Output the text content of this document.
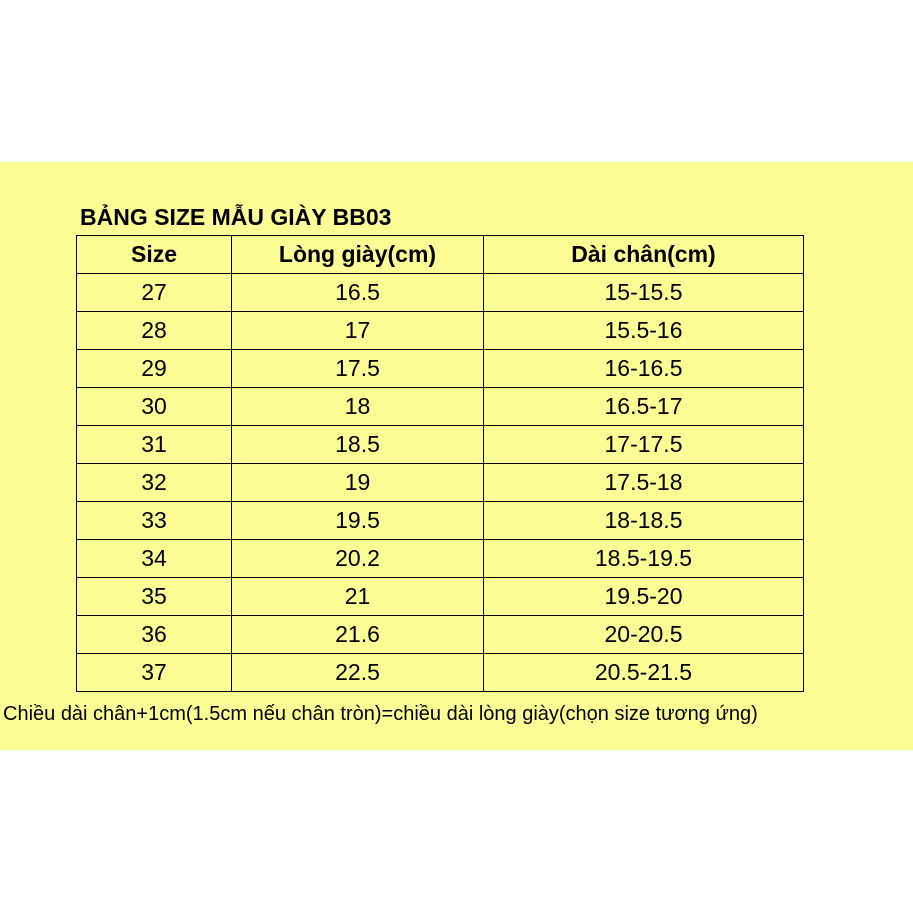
BẢNG SIZE MẪU GIÀY BB03
Size	Lòng giày(cm)	Dài chân(cm)
27	16.5	15-15.5
28	17	15.5-16
29	17.5	16-16.5
30	18	16.5-17
31	18.5	17-17.5
32	19	17.5-18
33	19.5	18-18.5
34	20.2	18.5-19.5
35	21	19.5-20
36	21.6	20-20.5
37	22.5	20.5-21.5
Chiều dài chân+1cm(1.5cm nếu chân tròn)=chiều dài lòng giày(chọn size tương ứng)
